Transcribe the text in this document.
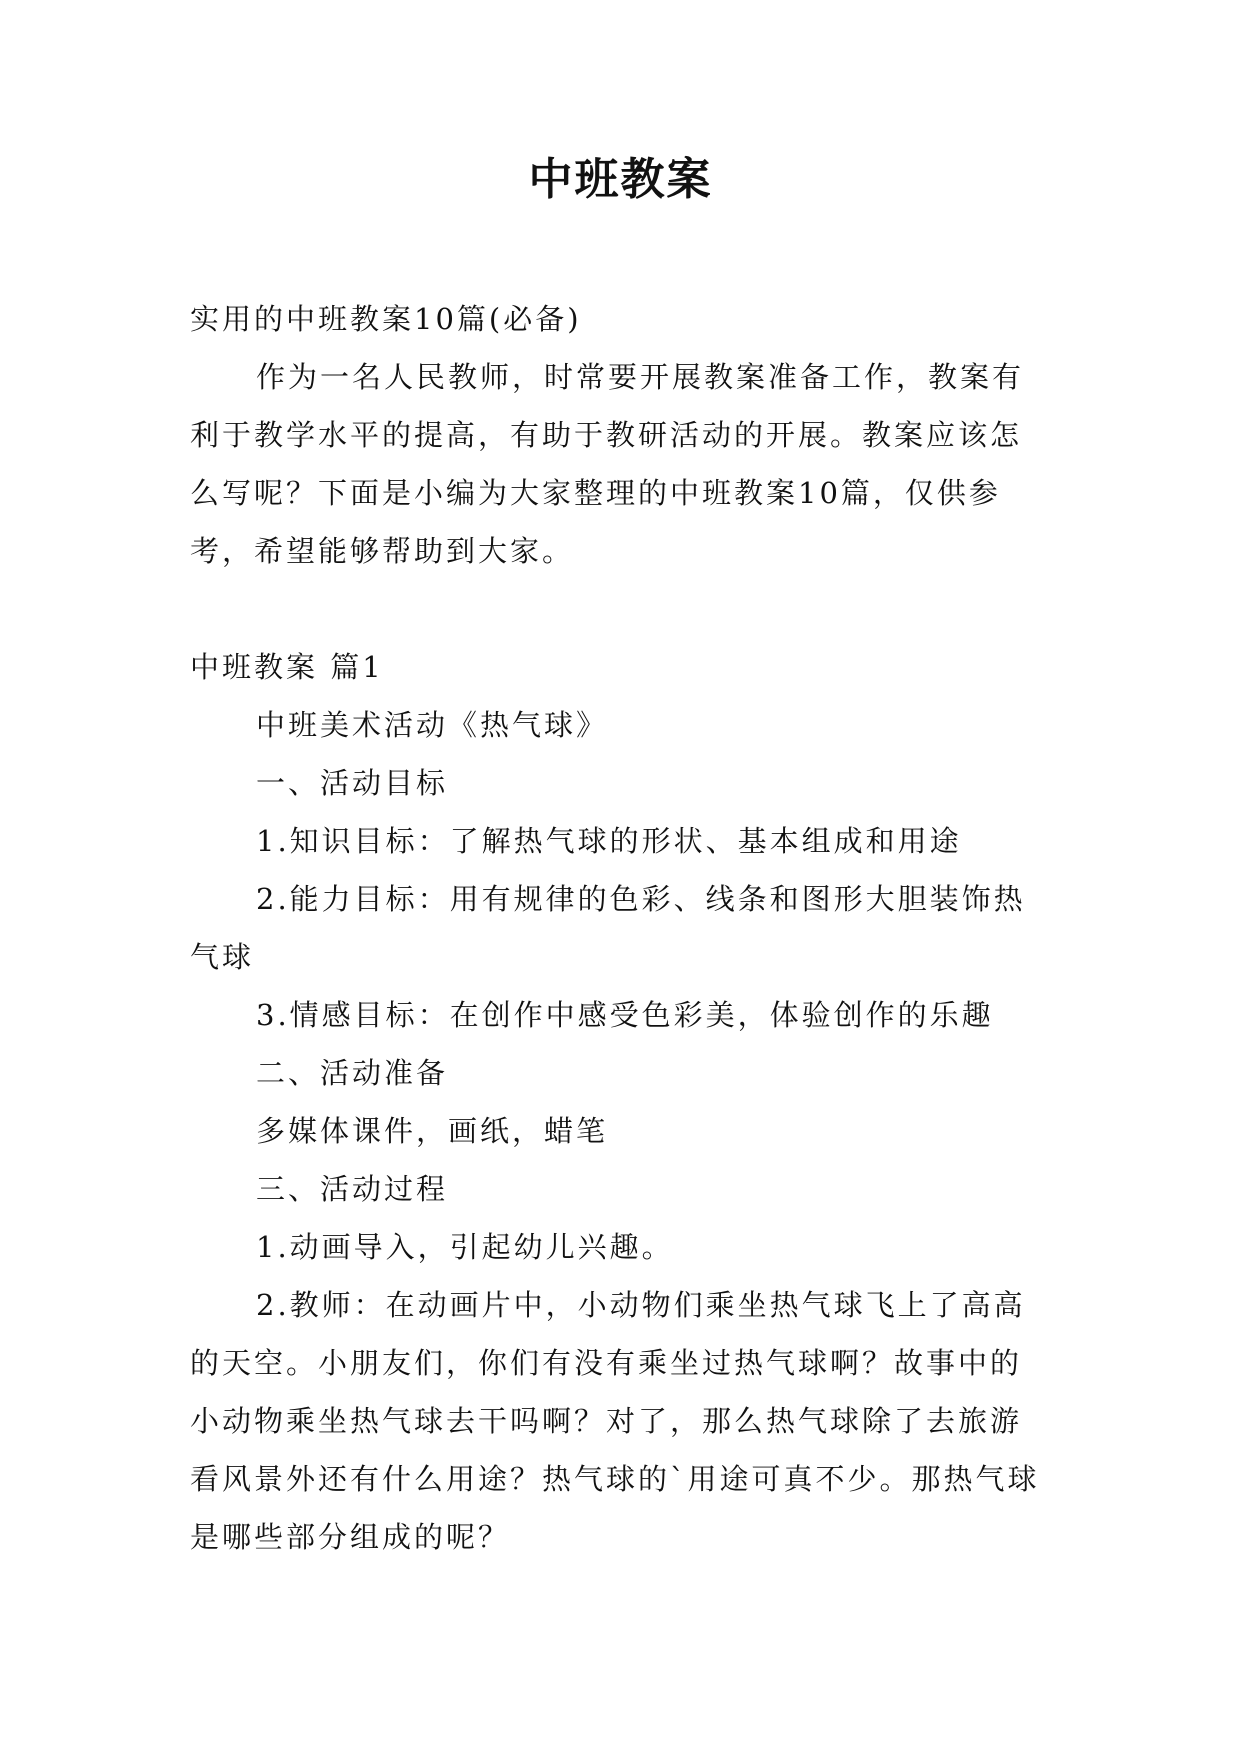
中班教案

实用的中班教案10篇(必备)

作为一名人民教师，时常要开展教案准备工作，教案有利于教学水平的提高，有助于教研活动的开展。教案应该怎么写呢？下面是小编为大家整理的中班教案10篇，仅供参考，希望能够帮助到大家。

中班教案 篇1

中班美术活动《热气球》

一、活动目标

1.知识目标：了解热气球的形状、基本组成和用途

2.能力目标：用有规律的色彩、线条和图形大胆装饰热气球

3.情感目标：在创作中感受色彩美，体验创作的乐趣

二、活动准备

多媒体课件，画纸，蜡笔

三、活动过程

1.动画导入，引起幼儿兴趣。

2.教师：在动画片中，小动物们乘坐热气球飞上了高高的天空。小朋友们，你们有没有乘坐过热气球啊？故事中的小动物乘坐热气球去干吗啊？对了，那么热气球除了去旅游看风景外还有什么用途？热气球的`用途可真不少。那热气球是哪些部分组成的呢？
